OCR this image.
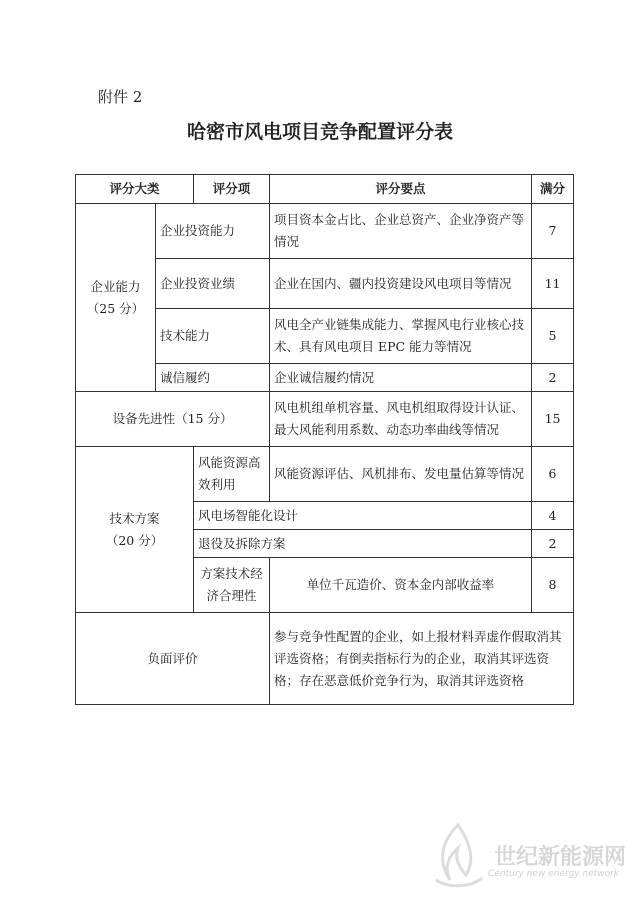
附件 2
哈密市风电项目竞争配置评分表
评分大类		评分项	评分要点	满分

企业能力
（25 分）	企业投资能力		项目资本金占比、企业总资产、企业净资产等情况	7
	企业投资业绩		企业在国内、疆内投资建设风电项目等情况	11
	技术能力		风电全产业链集成能力、掌握风电行业核心技术、具有风电项目 EPC 能力等情况	5
	诚信履约		企业诚信履约情况	2
设备先进性（15 分）			风电机组单机容量、风电机组取得设计认证、最大风能利用系数、动态功率曲线等情况	15

技术方案
（20 分）		风能资源高效利用	风能资源评估、风机排布、发电量估算等情况	6
		风电场智能化设计		4
		退役及拆除方案		2
		方案技术经济合理性	单位千瓦造价、资本金内部收益率	8
负面评价			参与竞争性配置的企业，如上报材料弄虚作假取消其评选资格；有倒卖指标行为的企业，取消其评选资格；存在恶意低价竞争行为，取消其评选资格	
世纪新能源网
Century new energy network
